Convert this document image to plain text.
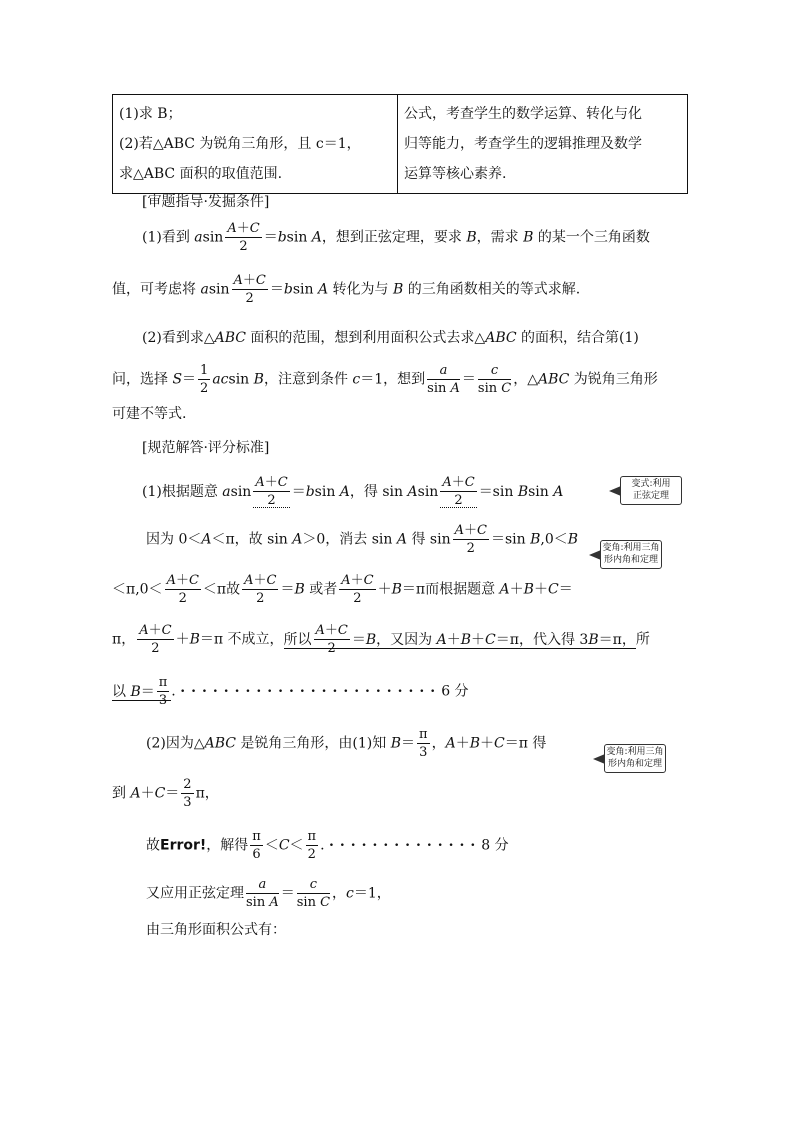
(1)求 B；
(2)若△ABC 为锐角三角形，且 c＝1，
求△ABC 面积的取值范围.

公式，考查学生的数学运算、转化与化
归等能力，考查学生的逻辑推理及数学
运算等核心素养.
[审题指导·发掘条件]
(1)看到 asin $\frac{A+C}{2} =bsin$ A，想到正弦定理，要求 B，需求 B 的某一个三角函数
值，可考虑将 asin $\frac{A+C}{2} =bsin$ A 转化为与 B 的三角函数相关的等式求解.
(2)看到求△ABC 面积的范围，想到利用面积公式去求△ABC 的面积，结合第(1)
问，选择 $S= \frac{1}{2}$ acsin B，注意到条件 c＝1，想到 $\frac{a}{\text{sin A}} = \frac{c}{\text{sin C}}$ ，△ABC 为锐角三角形
可建不等式.
[规范解答·评分标准]
(1)根据题意 asin $\frac{A+C}{2} =bsin$ A，得 sin Asin $\frac{A+C}{2} =\sin$ Bsin A	变式:利用
正弦定理
因为 0＜A＜π，故 sin A＞0，消去 sin A 得 $\sin \frac{A+C}{2} =\sin$ B,0＜B
变角:利用三角
形内角和定理
$<\pi,0< \frac{A+C}{2} <\pi$故 $\frac{A+C}{2} =B$ 或者 $\frac{A+C}{2} +B=\pi$而根据题意 A＋B＋C＝
π， $\frac{A+C}{2} +B=\pi$ 不成立，所以 $\frac{A+C}{2} =B$，又因为 A＋B＋C＝π，代入得 3B＝π，所
以 $B= \frac{\pi}{3}$ . ························6 分
(2)因为△ABC 是锐角三角形，由(1)知 $B= \frac{\pi}{3}$ ，A＋B＋C＝π 得
变角:利用三角
形内角和定理
到 $A+C= \frac{2}{3}$ π，
故Error!，解得 $\frac{\pi}{6} <C< \frac{\pi}{2}$ . ··············8 分
又应用正弦定理 $\frac{a}{\text{sin A}} = \frac{c}{\text{sin C}}$ ，c＝1，
由三角形面积公式有：
